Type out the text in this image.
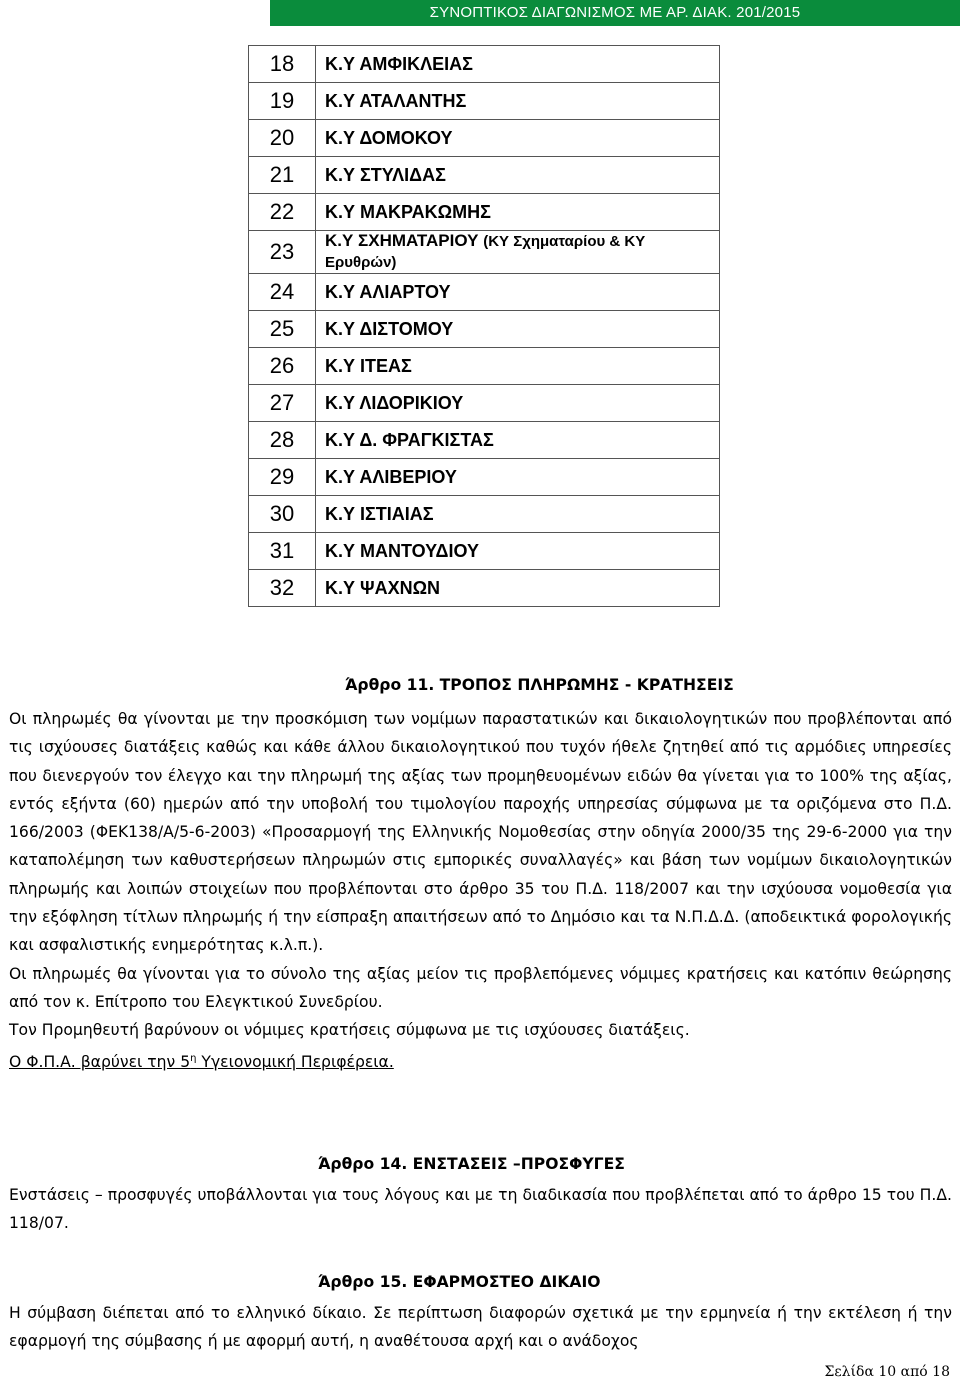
ΣΥΝΟΠΤΙΚΟΣ ΔΙΑΓΩΝΙΣΜΟΣ ΜΕ ΑΡ. ΔΙΑΚ. 201/2015
18	Κ.Υ ΑΜΦΙΚΛΕΙΑΣ
19	Κ.Υ ΑΤΑΛΑΝΤΗΣ
20	Κ.Υ ΔΟΜΟΚΟΥ
21	Κ.Υ ΣΤΥΛΙΔΑΣ
22	Κ.Υ ΜΑΚΡΑΚΩΜΗΣ
23	Κ.Υ ΣΧΗΜΑΤΑΡΙΟΥ (ΚΥ Σχηματαρίου & ΚΥ Ερυθρών)
24	Κ.Υ ΑΛΙΑΡΤΟΥ
25	Κ.Υ ΔΙΣΤΟΜΟΥ
26	Κ.Υ ΙΤΕΑΣ
27	Κ.Υ ΛΙΔΟΡΙΚΙΟΥ
28	Κ.Υ Δ. ΦΡΑΓΚΙΣΤΑΣ
29	Κ.Υ ΑΛΙΒΕΡΙΟΥ
30	Κ.Υ ΙΣΤΙΑΙΑΣ
31	Κ.Υ ΜΑΝΤΟΥΔΙΟΥ
32	Κ.Υ ΨΑΧΝΩΝ
Άρθρο 11. ΤΡΟΠΟΣ ΠΛΗΡΩΜΗΣ - ΚΡΑΤΗΣΕΙΣ

Οι πληρωμές θα γίνονται με την προσκόμιση των νομίμων παραστατικών και δικαιολογητικών που προβλέπονται από τις ισχύουσες διατάξεις καθώς και κάθε άλλου δικαιολογητικού που τυχόν ήθελε ζητηθεί από τις αρμόδιες υπηρεσίες που διενεργούν τον έλεγχο και την πληρωμή της αξίας των προμηθευομένων ειδών θα γίνεται για το 100% της αξίας, εντός εξήντα (60) ημερών από την υποβολή του τιμολογίου παροχής υπηρεσίας σύμφωνα με τα οριζόμενα στο Π.Δ. 166/2003 (ΦΕΚ138/Α/5-6-2003) «Προσαρμογή της Ελληνικής Νομοθεσίας στην οδηγία 2000/35 της 29-6-2000 για την καταπολέμηση των καθυστερήσεων πληρωμών στις εμπορικές συναλλαγές» και βάση των νομίμων δικαιολογητικών πληρωμής και λοιπών στοιχείων που προβλέπονται στο άρθρο 35 του Π.Δ. 118/2007 και την ισχύουσα νομοθεσία για την εξόφληση τίτλων πληρωμής ή την είσπραξη απαιτήσεων από το Δημόσιο και τα Ν.Π.Δ.Δ. (αποδεικτικά φορολογικής και ασφαλιστικής ενημερότητας κ.λ.π.).

Οι πληρωμές θα γίνονται για το σύνολο της αξίας μείον τις προβλεπόμενες νόμιμες κρατήσεις και κατόπιν θεώρησης από τον κ. Επίτροπο του Ελεγκτικού Συνεδρίου.

Τον Προμηθευτή βαρύνουν οι νόμιμες κρατήσεις σύμφωνα με τις ισχύουσες διατάξεις.

Ο Φ.Π.Α. βαρύνει την $5^\eta$ Υγειονομική Περιφέρεια.

Άρθρο 14. ΕΝΣΤΑΣΕΙΣ –ΠΡΟΣΦΥΓΕΣ

Ενστάσεις – προσφυγές υποβάλλονται για τους λόγους και με τη διαδικασία που προβλέπεται από το άρθρο 15 του Π.Δ. 118/07.

Άρθρο 15. ΕΦΑΡΜΟΣΤΕΟ ΔΙΚΑΙΟ

Η σύμβαση διέπεται από το ελληνικό δίκαιο. Σε περίπτωση διαφορών σχετικά με την ερμηνεία ή την εκτέλεση ή την εφαρμογή της σύμβασης ή με αφορμή αυτή, η αναθέτουσα αρχή και ο ανάδοχος

Σελίδα 10 από 18
